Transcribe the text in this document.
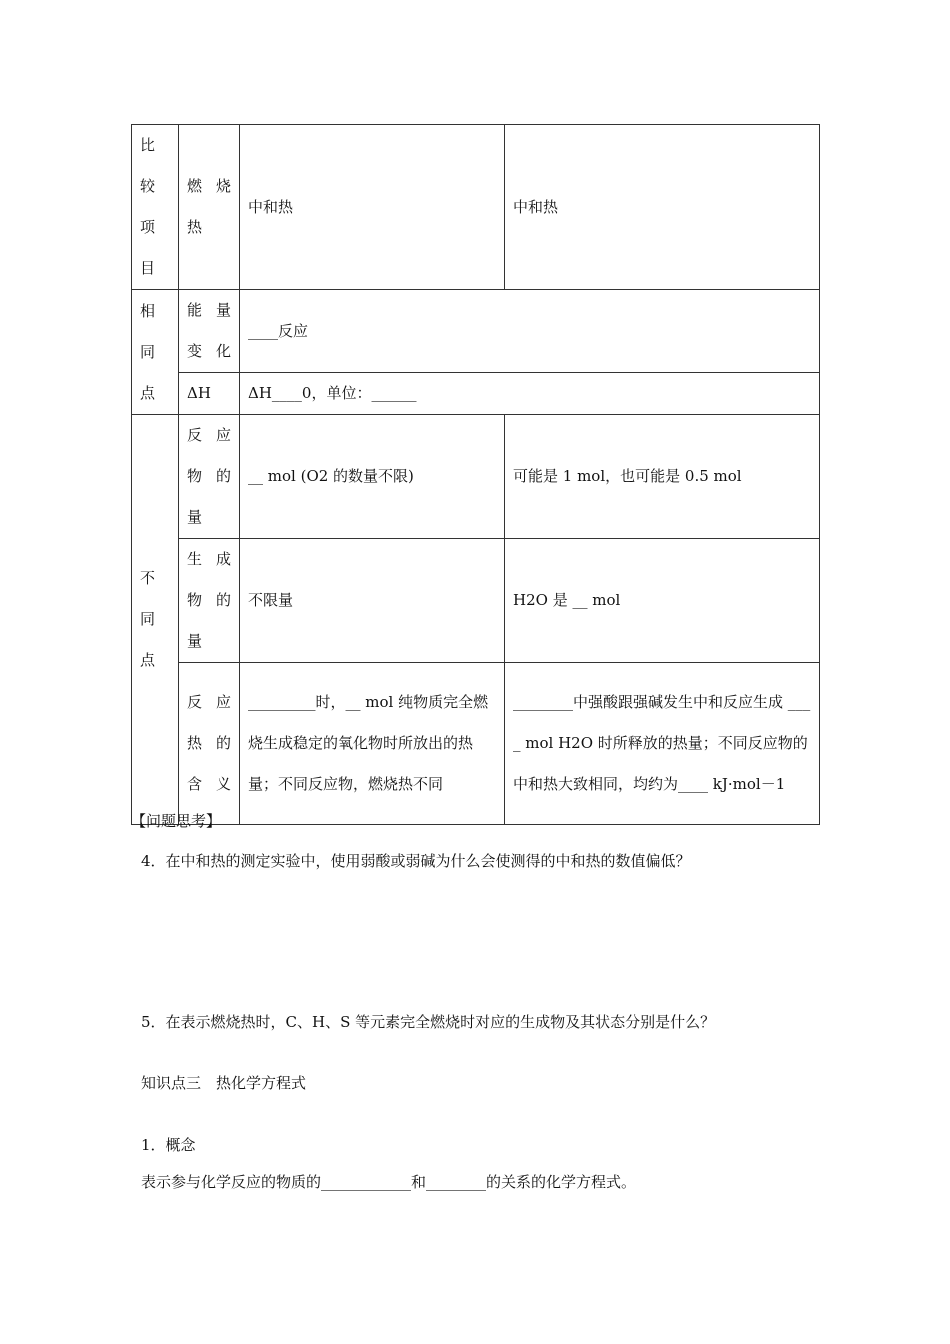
比
较
项
目	燃 烧 热	中和热	中和热

相
同
点	能 量 变化	____反应	
	ΔH	ΔH____0，单位：______	

不
同
点	反 应 物 的 量	__ mol (O2 的数量不限)	可能是 1 mol，也可能是 0.5 mol
	生 成 物 的 量	不限量	H2O 是 __ mol
	反 应 热 的 含义	_________时，__ mol 纯物质完全燃烧生成稳定的氧化物时所放出的热量；不同反应物，燃烧热不同	________中强酸跟强碱发生中和反应生成 ____ mol H2O 时所释放的热量；不同反应物的中和热大致相同，均约为____ kJ·mol－1
【问题思考】
4．在中和热的测定实验中，使用弱酸或弱碱为什么会使测得的中和热的数值偏低？
5．在表示燃烧热时，C、H、S 等元素完全燃烧时对应的生成物及其状态分别是什么？
知识点三　热化学方程式
1．概念
表示参与化学反应的物质的____________和________的关系的化学方程式。
